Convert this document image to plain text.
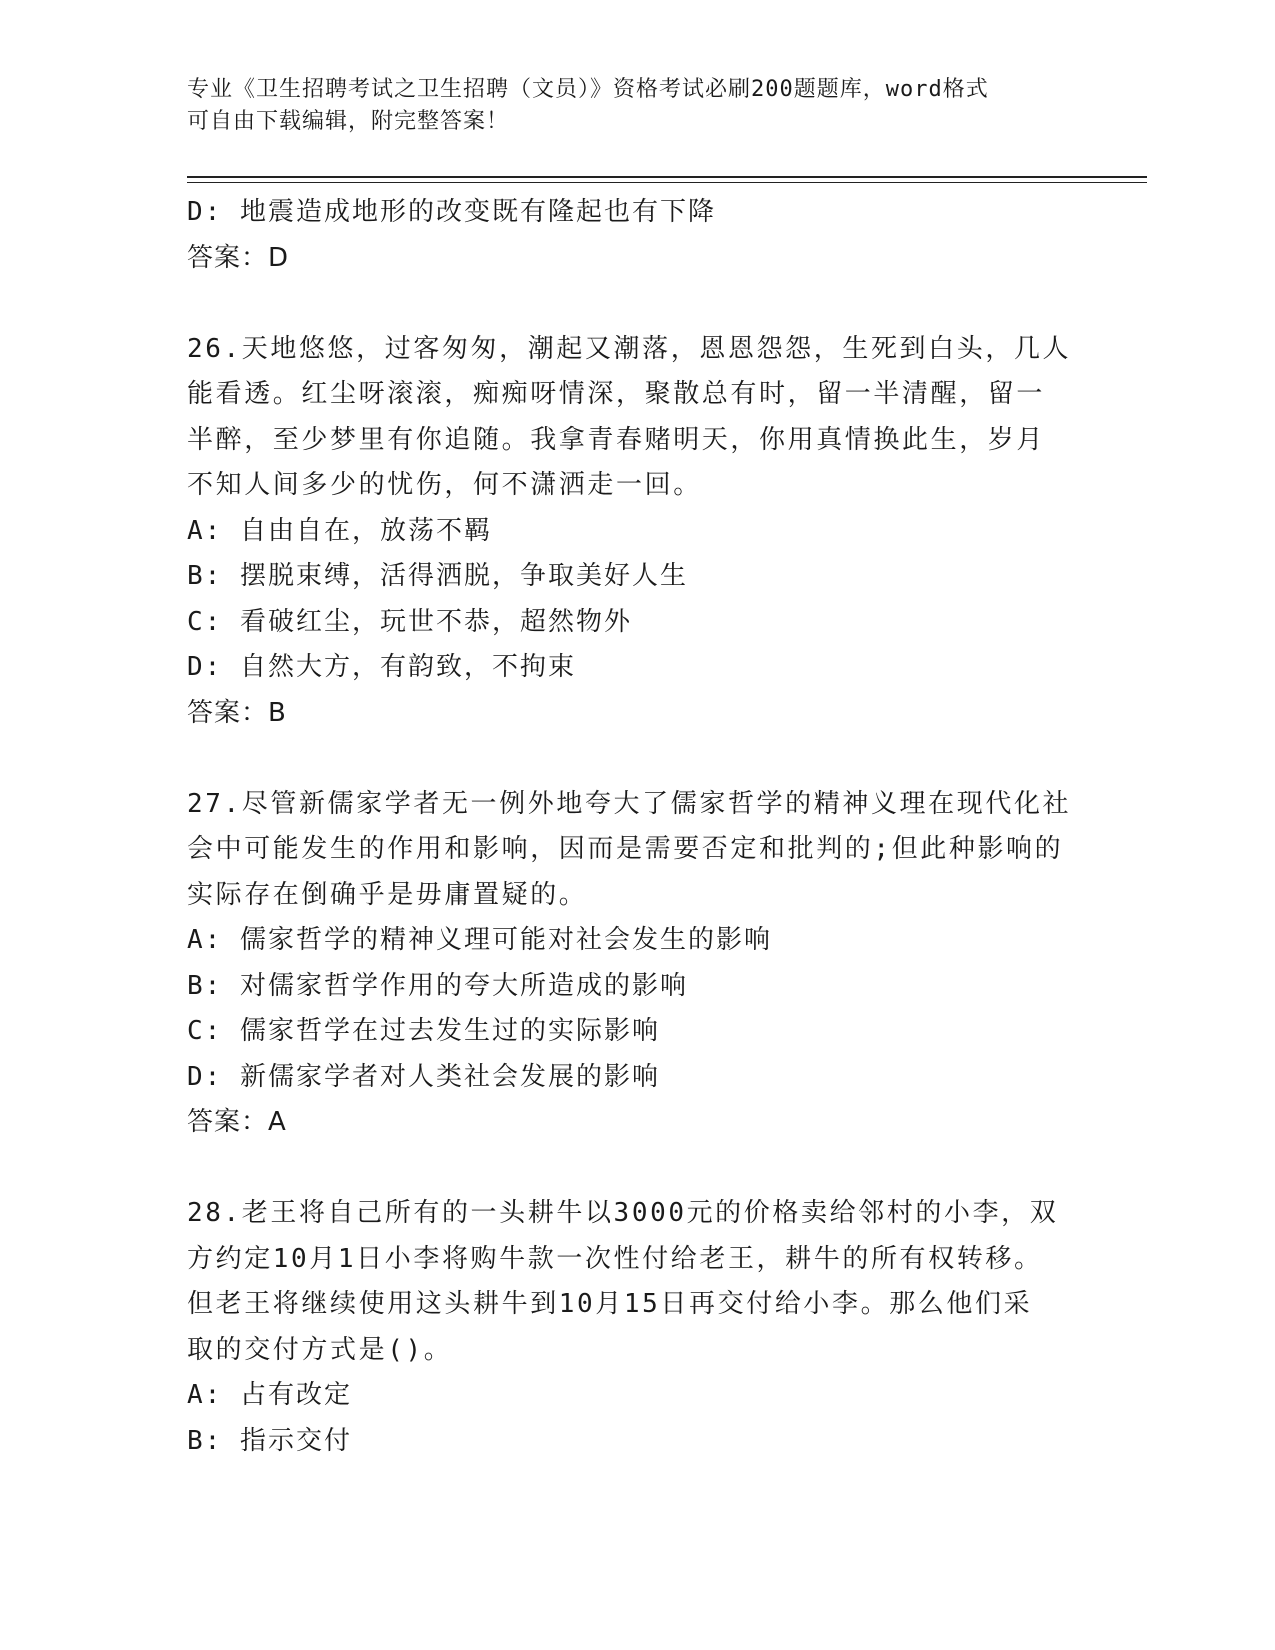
专业《卫生招聘考试之卫生招聘（文员）》资格考试必刷200题题库，word格式
可自由下载编辑，附完整答案！
D: 地震造成地形的改变既有隆起也有下降
答案：D
26.天地悠悠，过客匆匆，潮起又潮落，恩恩怨怨，生死到白头，几人
能看透。红尘呀滚滚，痴痴呀情深，聚散总有时，留一半清醒，留一
半醉，至少梦里有你追随。我拿青春赌明天，你用真情换此生，岁月
不知人间多少的忧伤，何不潇洒走一回。
A: 自由自在，放荡不羁
B: 摆脱束缚，活得洒脱，争取美好人生
C: 看破红尘，玩世不恭，超然物外
D: 自然大方，有韵致，不拘束
答案：B
27.尽管新儒家学者无一例外地夸大了儒家哲学的精神义理在现代化社
会中可能发生的作用和影响，因而是需要否定和批判的;但此种影响的
实际存在倒确乎是毋庸置疑的。
A: 儒家哲学的精神义理可能对社会发生的影响
B: 对儒家哲学作用的夸大所造成的影响
C: 儒家哲学在过去发生过的实际影响
D: 新儒家学者对人类社会发展的影响
答案：A
28.老王将自己所有的一头耕牛以3000元的价格卖给邻村的小李，双
方约定10月1日小李将购牛款一次性付给老王，耕牛的所有权转移。
但老王将继续使用这头耕牛到10月15日再交付给小李。那么他们采
取的交付方式是()。
A: 占有改定
B: 指示交付
